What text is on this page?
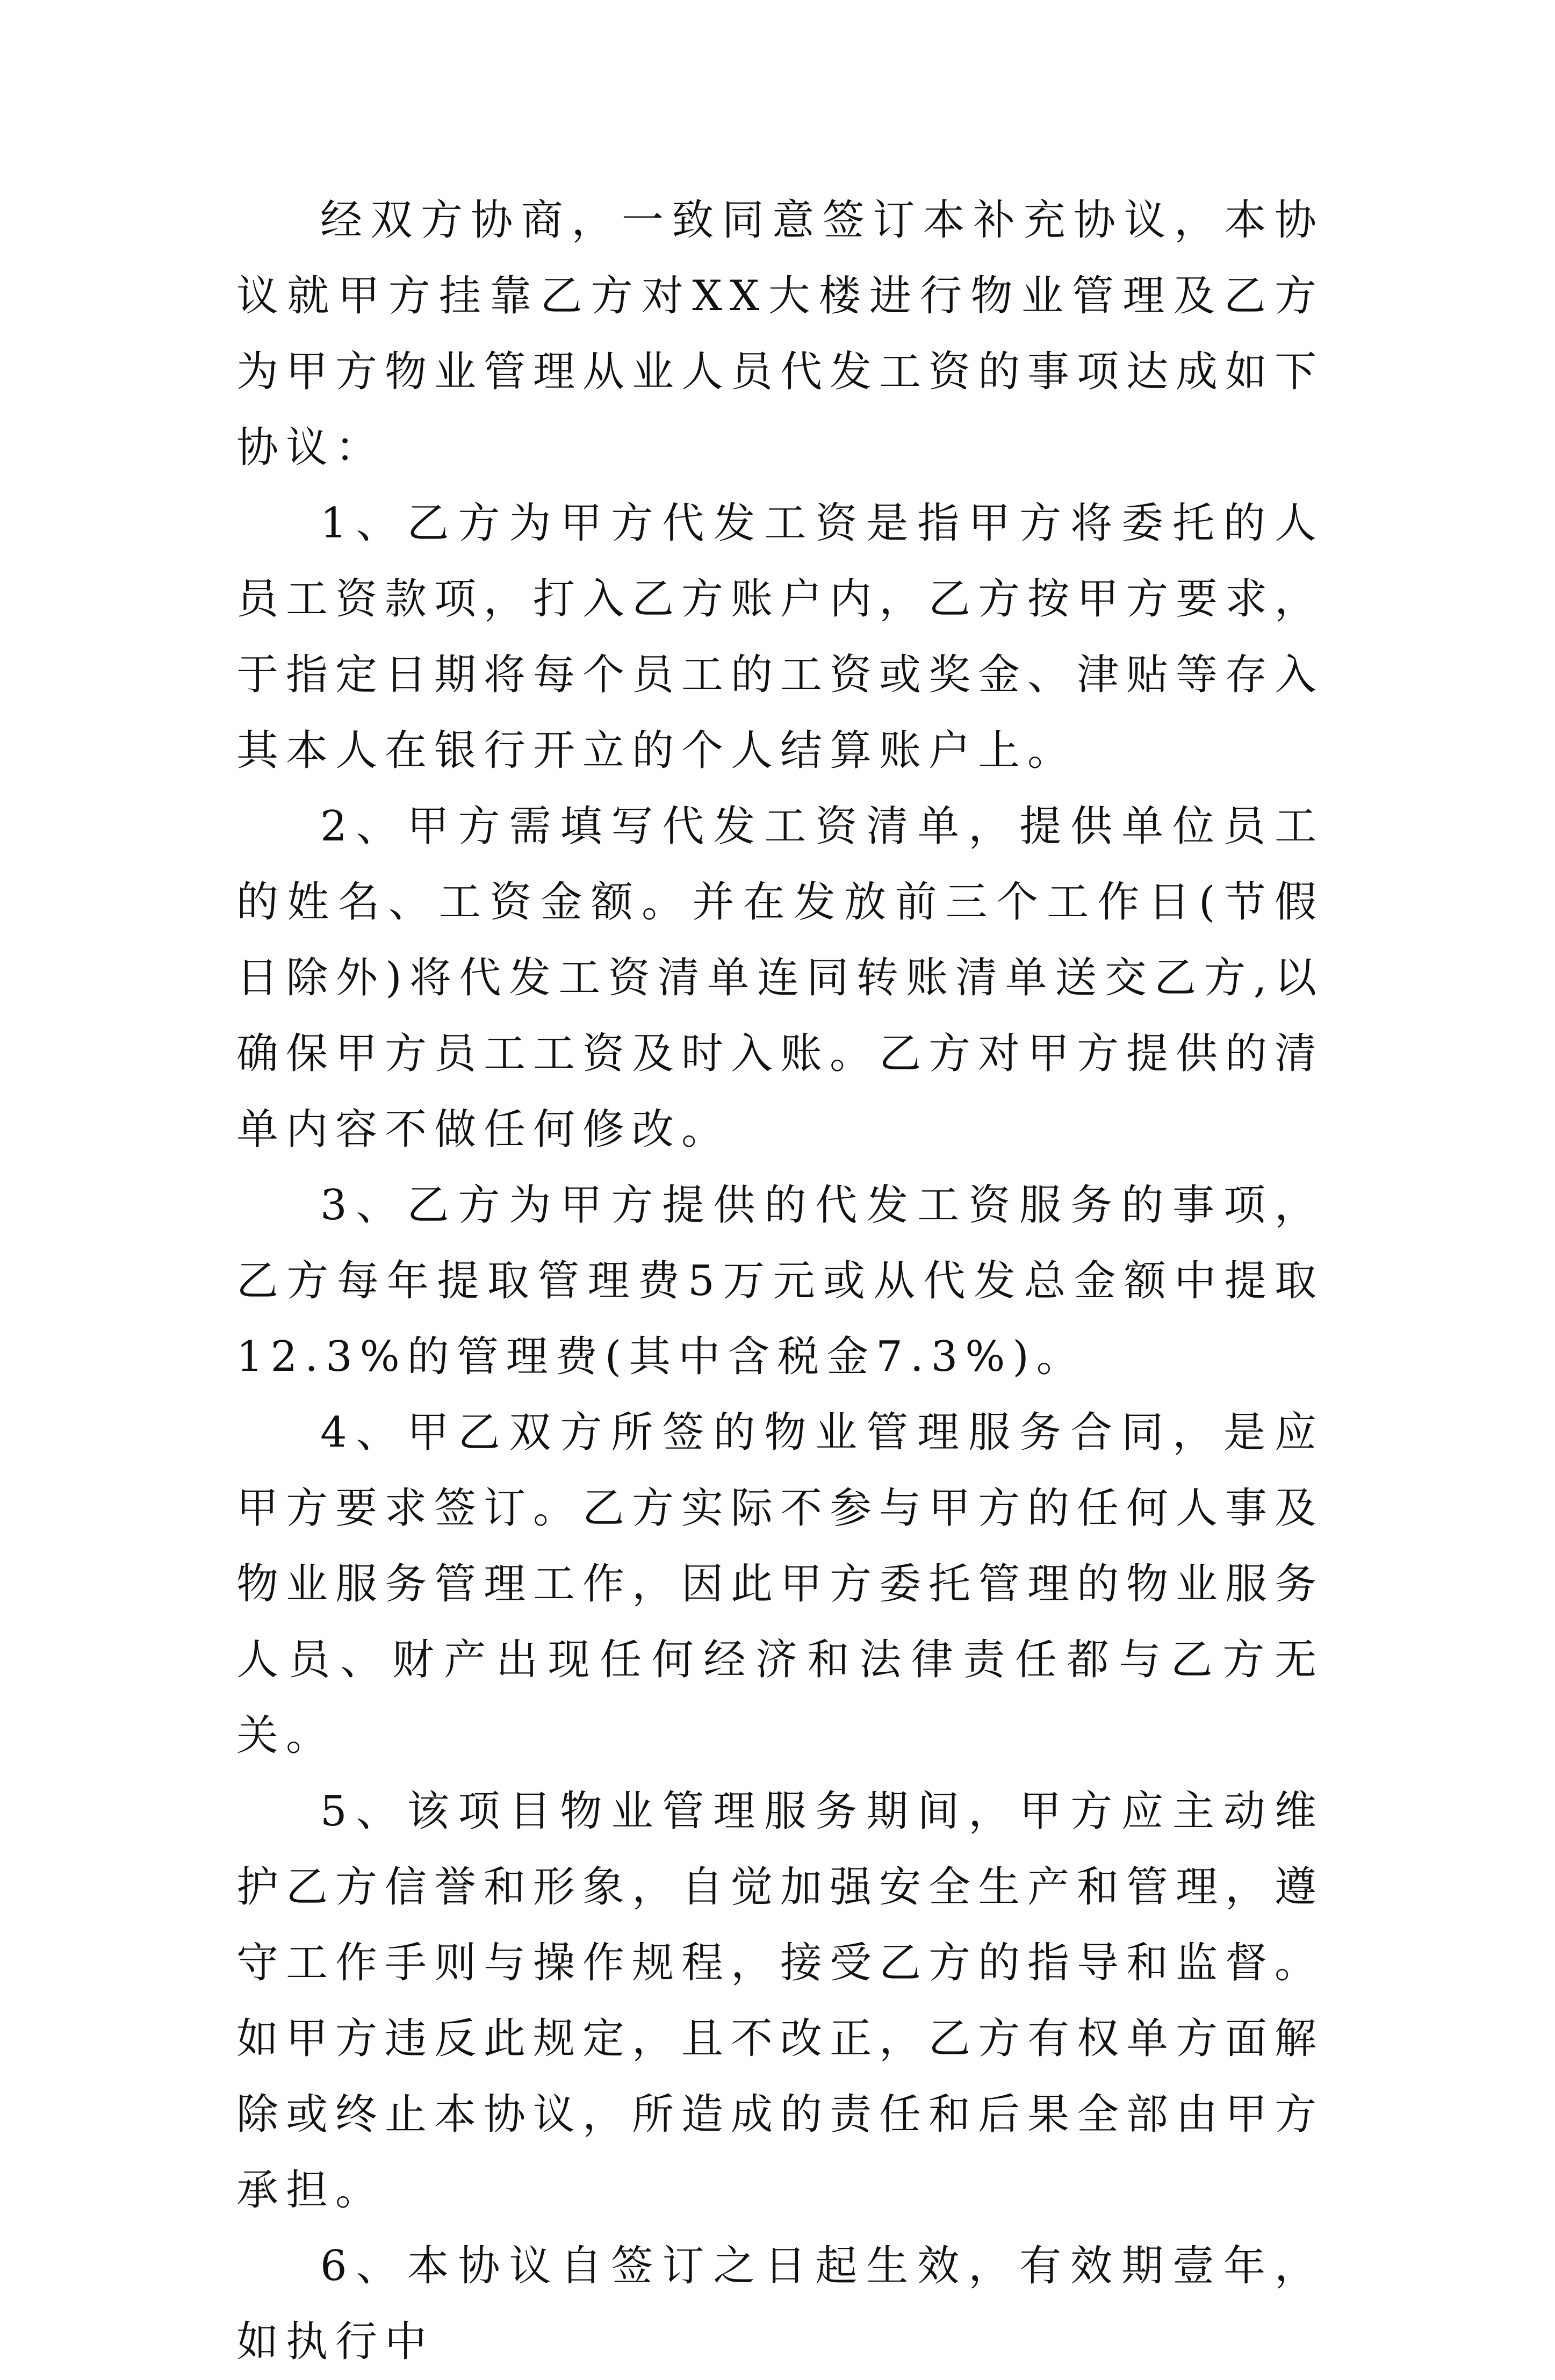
经双方协商，一致同意签订本补充协议，本协议就甲方挂靠乙方对XX大楼进行物业管理及乙方为甲方物业管理从业人员代发工资的事项达成如下协议：

1、乙方为甲方代发工资是指甲方将委托的人员工资款项，打入乙方账户内，乙方按甲方要求，于指定日期将每个员工的工资或奖金、津贴等存入其本人在银行开立的个人结算账户上。

2、甲方需填写代发工资清单，提供单位员工的姓名、工资金额。并在发放前三个工作日(节假日除外)将代发工资清单连同转账清单送交乙方,以确保甲方员工工资及时入账。乙方对甲方提供的清单内容不做任何修改。

3、乙方为甲方提供的代发工资服务的事项，乙方每年提取管理费5万元或从代发总金额中提取12.3%的管理费(其中含税金7.3%)。

4、甲乙双方所签的物业管理服务合同，是应甲方要求签订。乙方实际不参与甲方的任何人事及物业服务管理工作，因此甲方委托管理的物业服务人员、财产出现任何经济和法律责任都与乙方无关。

5、该项目物业管理服务期间，甲方应主动维护乙方信誉和形象，自觉加强安全生产和管理，遵守工作手则与操作规程，接受乙方的指导和监督。如甲方违反此规定，且不改正，乙方有权单方面解除或终止本协议，所造成的责任和后果全部由甲方承担。

6、本协议自签订之日起生效，有效期壹年，如执行中
